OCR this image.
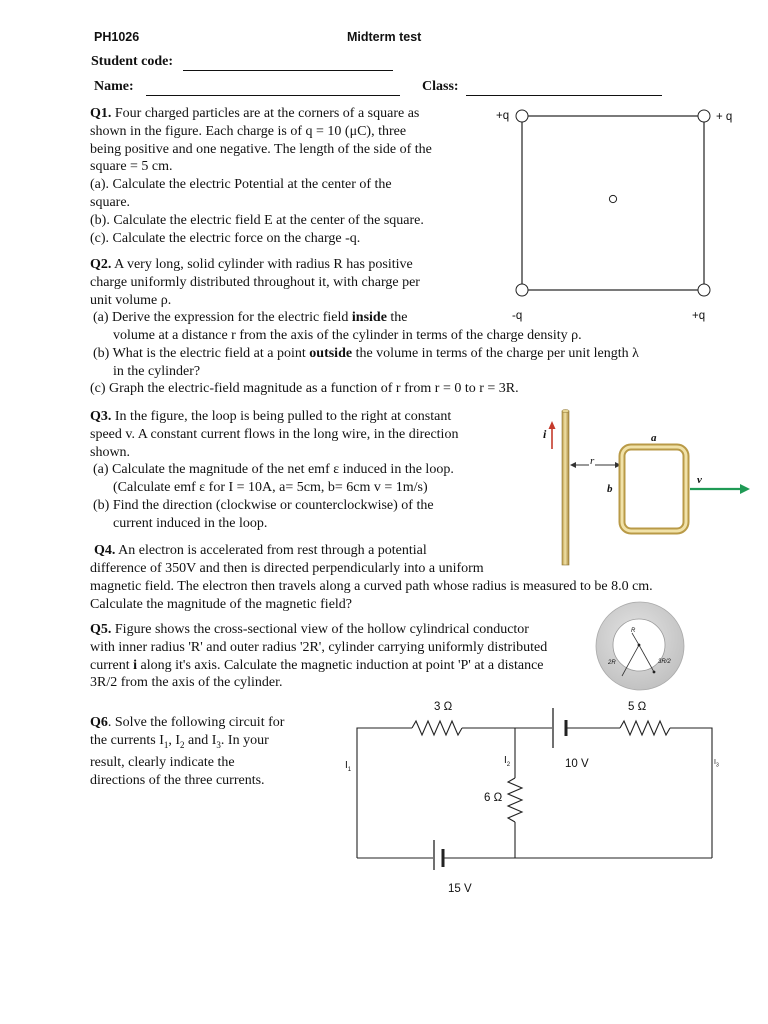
PH1026	Midterm test
Student code:
Name:	Class:

Q1. Four charged particles are at the corners of a square as

shown in the figure. Each charge is of q = 10 (μC), three

being positive and one negative. The length of the side of the

square = 5 cm.

(a). Calculate the electric Potential at the center of the

square.

(b). Calculate the electric field E at the center of the square.

(c). Calculate the electric force on the charge -q.

+q	+ q
-q	+q

Q2. A very long, solid cylinder with radius R has positive

charge uniformly distributed throughout it, with charge per

unit volume ρ.

(a) Derive the expression for the electric field inside the

volume at a distance r from the axis of the cylinder in terms of the charge density ρ.

(b) What is the electric field at a point outside the volume in terms of the charge per unit length λ

in the cylinder?

(c) Graph the electric-field magnitude as a function of r from r = 0 to r = 3R.

Q3. In the figure, the loop is being pulled to the right at constant

speed v. A constant current flows in the long wire, in the direction

shown.

(a) Calculate the magnitude of the net emf ε induced in the loop.

(Calculate emf ε for I = 10A, a= 5cm, b= 6cm v = 1m/s)

(b) Find the direction (clockwise or counterclockwise) of the

current induced in the loop.

i
r
a
b
v

Q4. An electron is accelerated from rest through a potential

difference of 350V and then is directed perpendicularly into a uniform

magnetic field. The electron then travels along a curved path whose radius is measured to be 8.0 cm.

Calculate the magnitude of the magnetic field?

Q5. Figure shows the cross-sectional view of the hollow cylindrical conductor

with inner radius 'R' and outer radius '2R', cylinder carrying uniformly distributed

current i along it's axis. Calculate the magnetic induction at point 'P' at a distance

3R/2 from the axis of the cylinder.

R
2R	3R/2

Q6. Solve the following circuit for

the currents $I_1$, $I_2$ and $I_3$. In your

result, clearly indicate the

directions of the three currents.

3 Ω	5 Ω
10 V
6 Ω
15 V
$I_1$
$I_2$	$I_3$
